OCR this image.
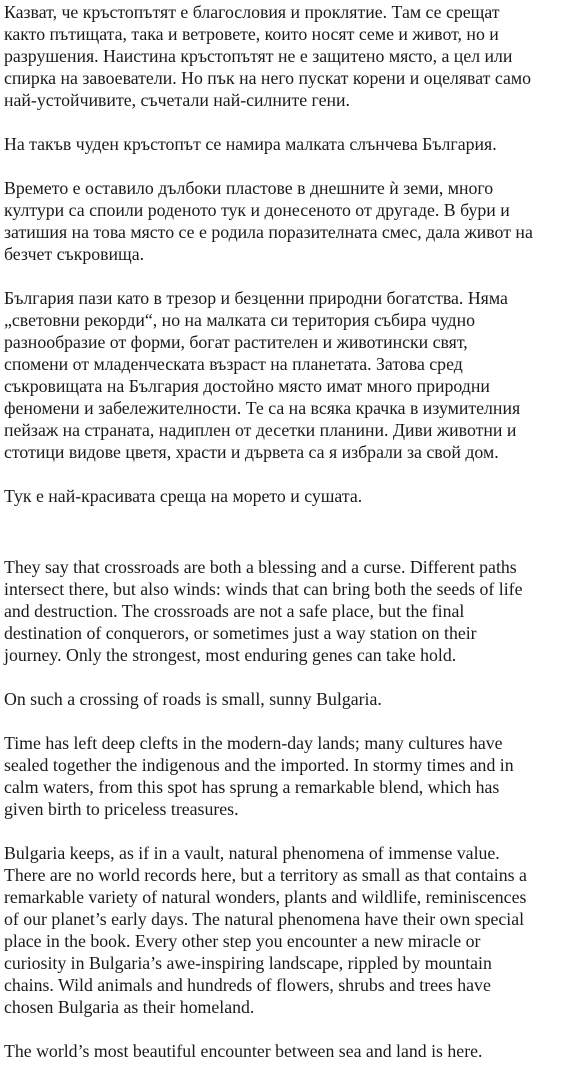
Казват, че кръстопътят е благословия и проклятие. Там се срещат
както пътищата, така и ветровете, които носят семе и живот, но и
разрушения. Наистина кръстопътят не е защитено място, а цел или
спирка на завоеватели. Но пък на него пускат корени и оцеляват само
най-устойчивите, съчетали най-силните гени.

На такъв чуден кръстопът се намира малката слънчева България.

Времето е оставило дълбоки пластове в днешните ѝ земи, много
култури са споили роденото тук и донесеното от другаде. В бури и
затишия на това място се е родила поразителната смес, дала живот на
безчет съкровища.

България пази като в трезор и безценни природни богатства. Няма
„световни рекорди“, но на малката си територия събира чудно
разнообразие от форми, богат растителен и животински свят,
спомени от младенческата възраст на планетата. Затова сред
съкровищата на България достойно място имат много природни
феномени и забележителности. Те са на всяка крачка в изумителния
пейзаж на страната, надиплен от десетки планини. Диви животни и
стотици видове цветя, храсти и дървета са я избрали за свой дом.

Тук е най-красивата среща на морето и сушата.

They say that crossroads are both a blessing and a curse. Different paths
intersect there, but also winds: winds that can bring both the seeds of life
and destruction. The crossroads are not a safe place, but the final
destination of conquerors, or sometimes just a way station on their
journey. Only the strongest, most enduring genes can take hold.

On such a crossing of roads is small, sunny Bulgaria.

Time has left deep clefts in the modern-day lands; many cultures have
sealed together the indigenous and the imported. In stormy times and in
calm waters, from this spot has sprung a remarkable blend, which has
given birth to priceless treasures.

Bulgaria keeps, as if in a vault, natural phenomena of immense value.
There are no world records here, but a territory as small as that contains a
remarkable variety of natural wonders, plants and wildlife, reminiscences
of our planet’s early days. The natural phenomena have their own special
place in the book. Every other step you encounter a new miracle or
curiosity in Bulgaria’s awe-inspiring landscape, rippled by mountain
chains. Wild animals and hundreds of flowers, shrubs and trees have
chosen Bulgaria as their homeland.

The world’s most beautiful encounter between sea and land is here.
